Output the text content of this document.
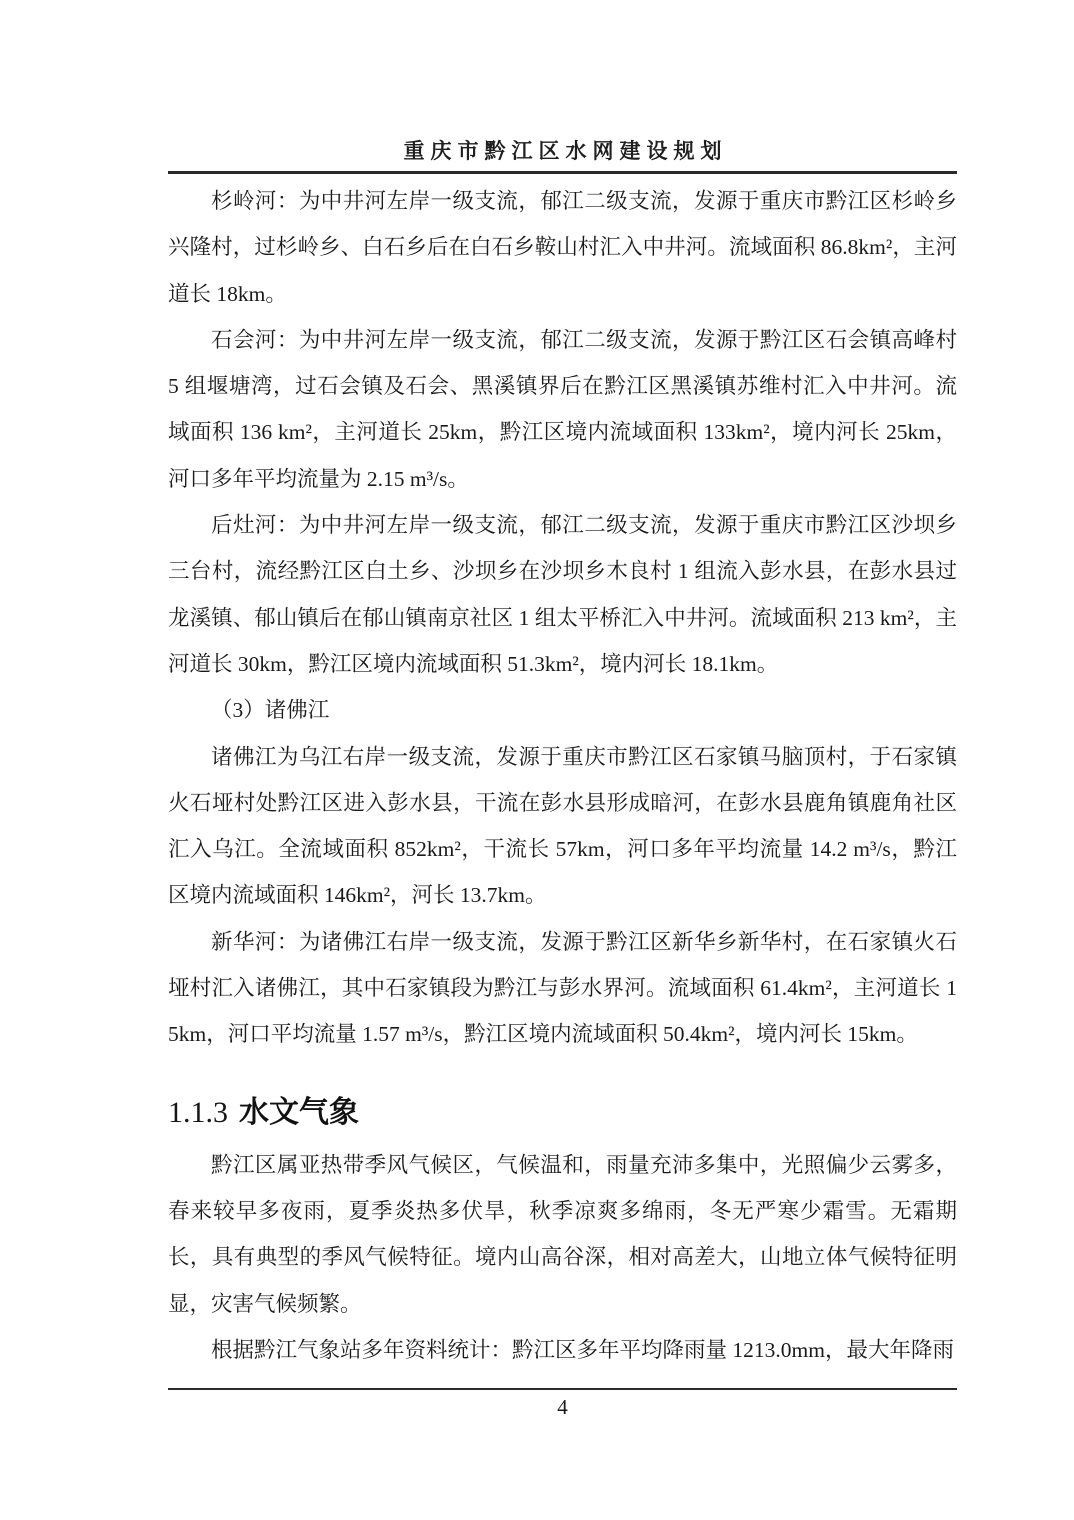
重庆市黔江区水网建设规划

杉岭河：为中井河左岸一级支流，郁江二级支流，发源于重庆市黔江区杉岭乡兴隆村，过杉岭乡、白石乡后在白石乡鞍山村汇入中井河。流域面积 86.8km²，主河道长 18km。

石会河：为中井河左岸一级支流，郁江二级支流，发源于黔江区石会镇高峰村 5 组堰塘湾，过石会镇及石会、黑溪镇界后在黔江区黑溪镇苏维村汇入中井河。流域面积 136 km²，主河道长 25km，黔江区境内流域面积 133km²，境内河长 25km，河口多年平均流量为 2.15 m³/s。

后灶河：为中井河左岸一级支流，郁江二级支流，发源于重庆市黔江区沙坝乡三台村，流经黔江区白土乡、沙坝乡在沙坝乡木良村 1 组流入彭水县，在彭水县过龙溪镇、郁山镇后在郁山镇南京社区 1 组太平桥汇入中井河。流域面积 213 km²，主河道长 30km，黔江区境内流域面积 51.3km²，境内河长 18.1km。

（3）诸佛江

诸佛江为乌江右岸一级支流，发源于重庆市黔江区石家镇马脑顶村，于石家镇火石垭村处黔江区进入彭水县，干流在彭水县形成暗河，在彭水县鹿角镇鹿角社区汇入乌江。全流域面积 852km²，干流长 57km，河口多年平均流量 14.2 m³/s，黔江区境内流域面积 146km²，河长 13.7km。

新华河：为诸佛江右岸一级支流，发源于黔江区新华乡新华村，在石家镇火石垭村汇入诸佛江，其中石家镇段为黔江与彭水界河。流域面积 61.4km²，主河道长 15km，河口平均流量 1.57 m³/s，黔江区境内流域面积 50.4km²，境内河长 15km。

1.1.3 水文气象

黔江区属亚热带季风气候区，气候温和，雨量充沛多集中，光照偏少云雾多，春来较早多夜雨，夏季炎热多伏旱，秋季凉爽多绵雨，冬无严寒少霜雪。无霜期长，具有典型的季风气候特征。境内山高谷深，相对高差大，山地立体气候特征明显，灾害气候频繁。

根据黔江气象站多年资料统计：黔江区多年平均降雨量 1213.0mm，最大年降雨

4
